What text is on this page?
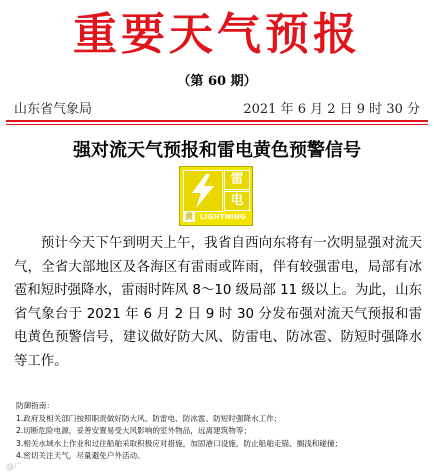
重要天气预报
（第 60 期）
山东省气象局	2021 年 6 月 2 日 9 时 30 分
强对流天气预报和雷电黄色预警信号
雷
电
黄 LIGHTNING
预计今天下午到明天上午，我省自西向东将有一次明显强对流天气，全省大部地区及各海区有雷雨或阵雨，伴有较强雷电，局部有冰雹和短时强降水，雷雨时阵风 8～10 级局部 11 级以上。为此，山东省气象台于 2021 年 6 月 2 日 9 时 30 分发布强对流天气预报和雷电黄色预警信号，建议做好防大风、防雷电、防冰雹、防短时强降水等工作。
防御指南：
1.政府及相关部门按照职责做好防大风、防雷电、防冰雹、防短时强降水工作；
2.切断危险电源，妥善安置易受大风影响的室外物品，远离建筑物等；
3.相关水域水上作业和过往船舶采取积极应对措施，加固港口设施，防止船舶走锚、搁浅和碰撞；
4.密切关注天气，尽量避免户外活动。
@广
